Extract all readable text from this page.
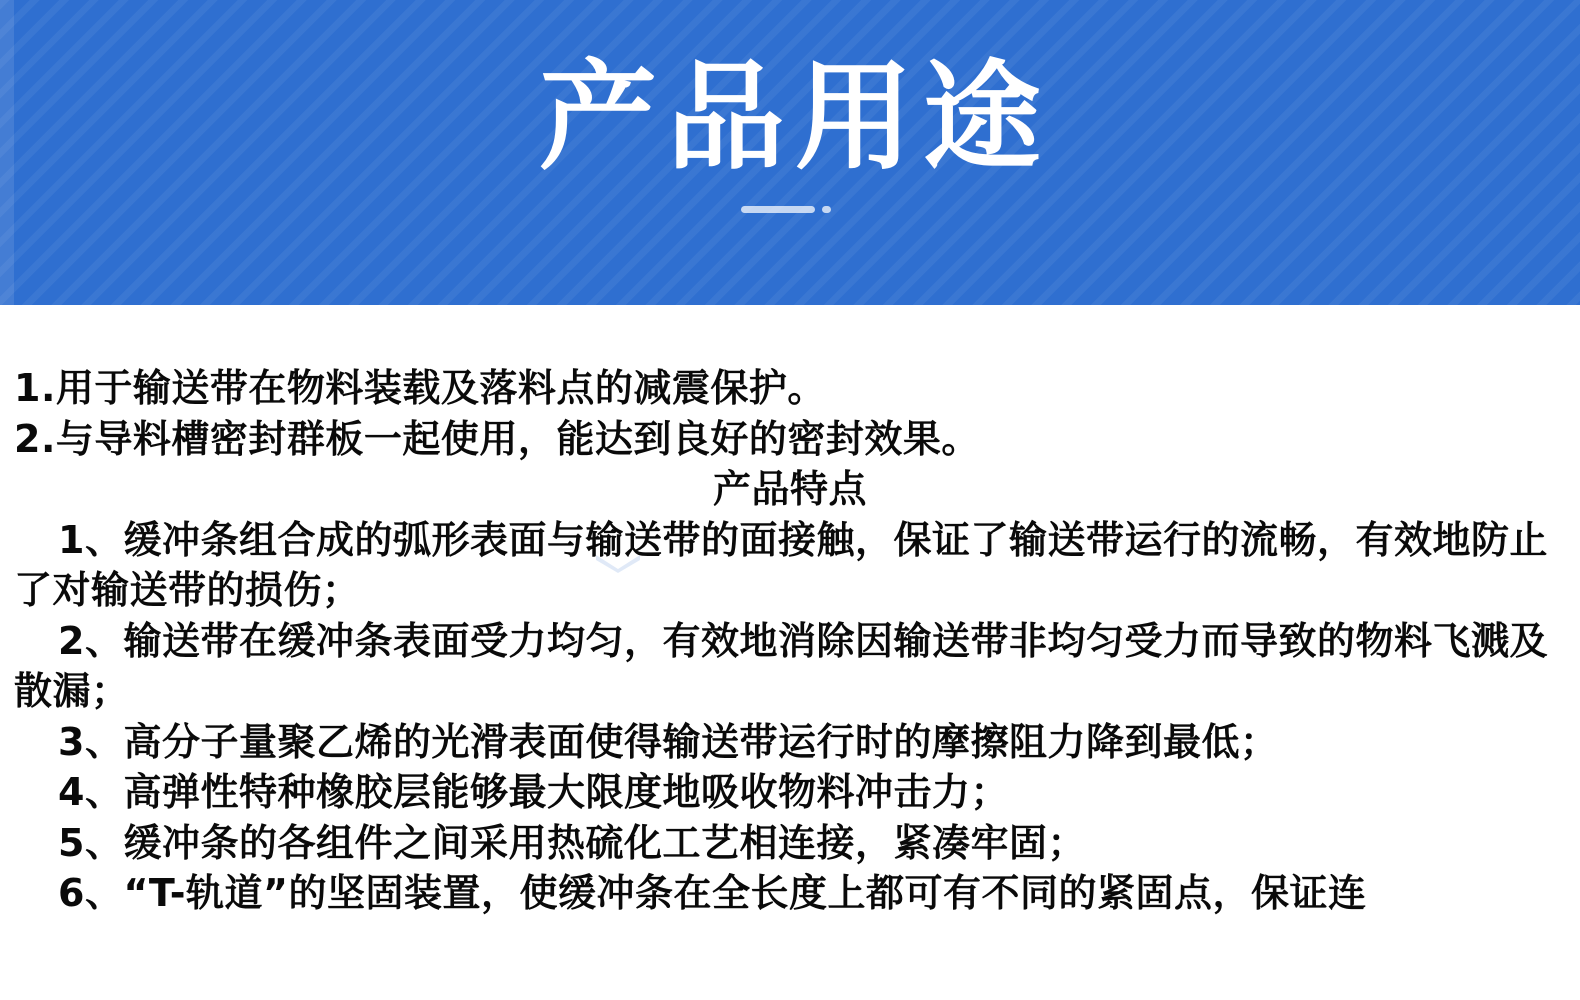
产品用途
1.用于输送带在物料装载及落料点的减震保护。
2.与导料槽密封群板一起使用，能达到良好的密封效果。
产品特点
1、缓冲条组合成的弧形表面与输送带的面接触，保证了输送带运行的流畅，有效地防止了对输送带的损伤；
2、输送带在缓冲条表面受力均匀，有效地消除因输送带非均匀受力而导致的物料飞溅及散漏；
3、高分子量聚乙烯的光滑表面使得输送带运行时的摩擦阻力降到最低；
4、高弹性特种橡胶层能够最大限度地吸收物料冲击力；
5、缓冲条的各组件之间采用热硫化工艺相连接，紧凑牢固；
6、“T-轨道”的坚固装置，使缓冲条在全长度上都可有不同的紧固点，保证连
